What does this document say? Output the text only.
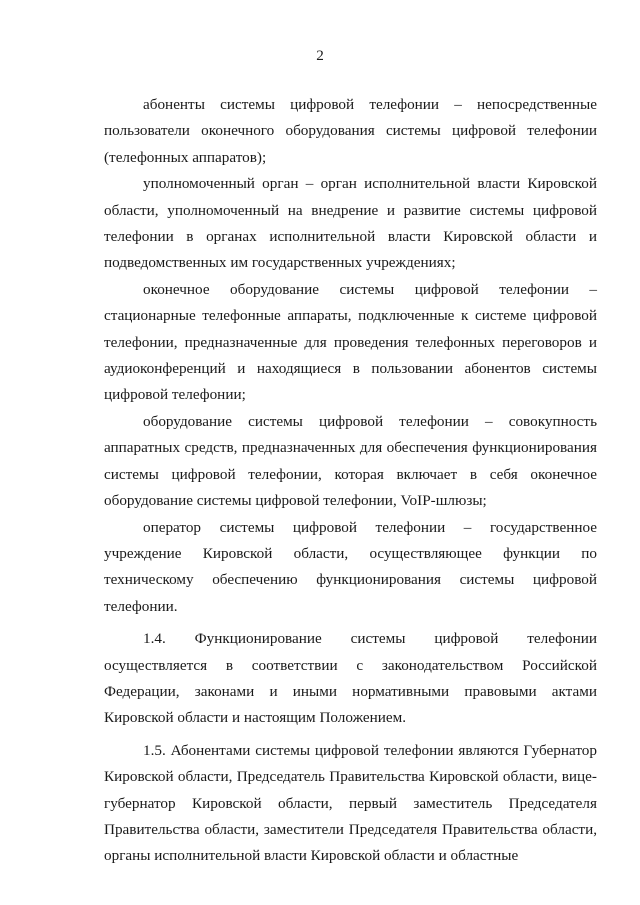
2

абоненты системы цифровой телефонии – непосредственные пользователи оконечного оборудования системы цифровой телефонии (телефонных аппаратов);

уполномоченный орган – орган исполнительной власти Кировской области, уполномоченный на внедрение и развитие системы цифровой телефонии в органах исполнительной власти Кировской области и подведомственных им государственных учреждениях;

оконечное оборудование системы цифровой телефонии – стационарные телефонные аппараты, подключенные к системе цифровой телефонии, предназначенные для проведения телефонных переговоров и аудиоконференций и находящиеся в пользовании абонентов системы цифровой телефонии;

оборудование системы цифровой телефонии – совокупность аппаратных средств, предназначенных для обеспечения функционирования системы цифровой телефонии, которая включает в себя оконечное оборудование системы цифровой телефонии, VoIP-шлюзы;

оператор системы цифровой телефонии – государственное учреждение Кировской области, осуществляющее функции по техническому обеспечению функционирования системы цифровой телефонии.

1.4. Функционирование системы цифровой телефонии осуществляется в соответствии с законодательством Российской Федерации, законами и иными нормативными правовыми актами Кировской области и настоящим Положением.

1.5. Абонентами системы цифровой телефонии являются Губернатор Кировской области, Председатель Правительства Кировской области, вице-губернатор Кировской области, первый заместитель Председателя Правительства области, заместители Председателя Правительства области, органы исполнительной власти Кировской области и областные
